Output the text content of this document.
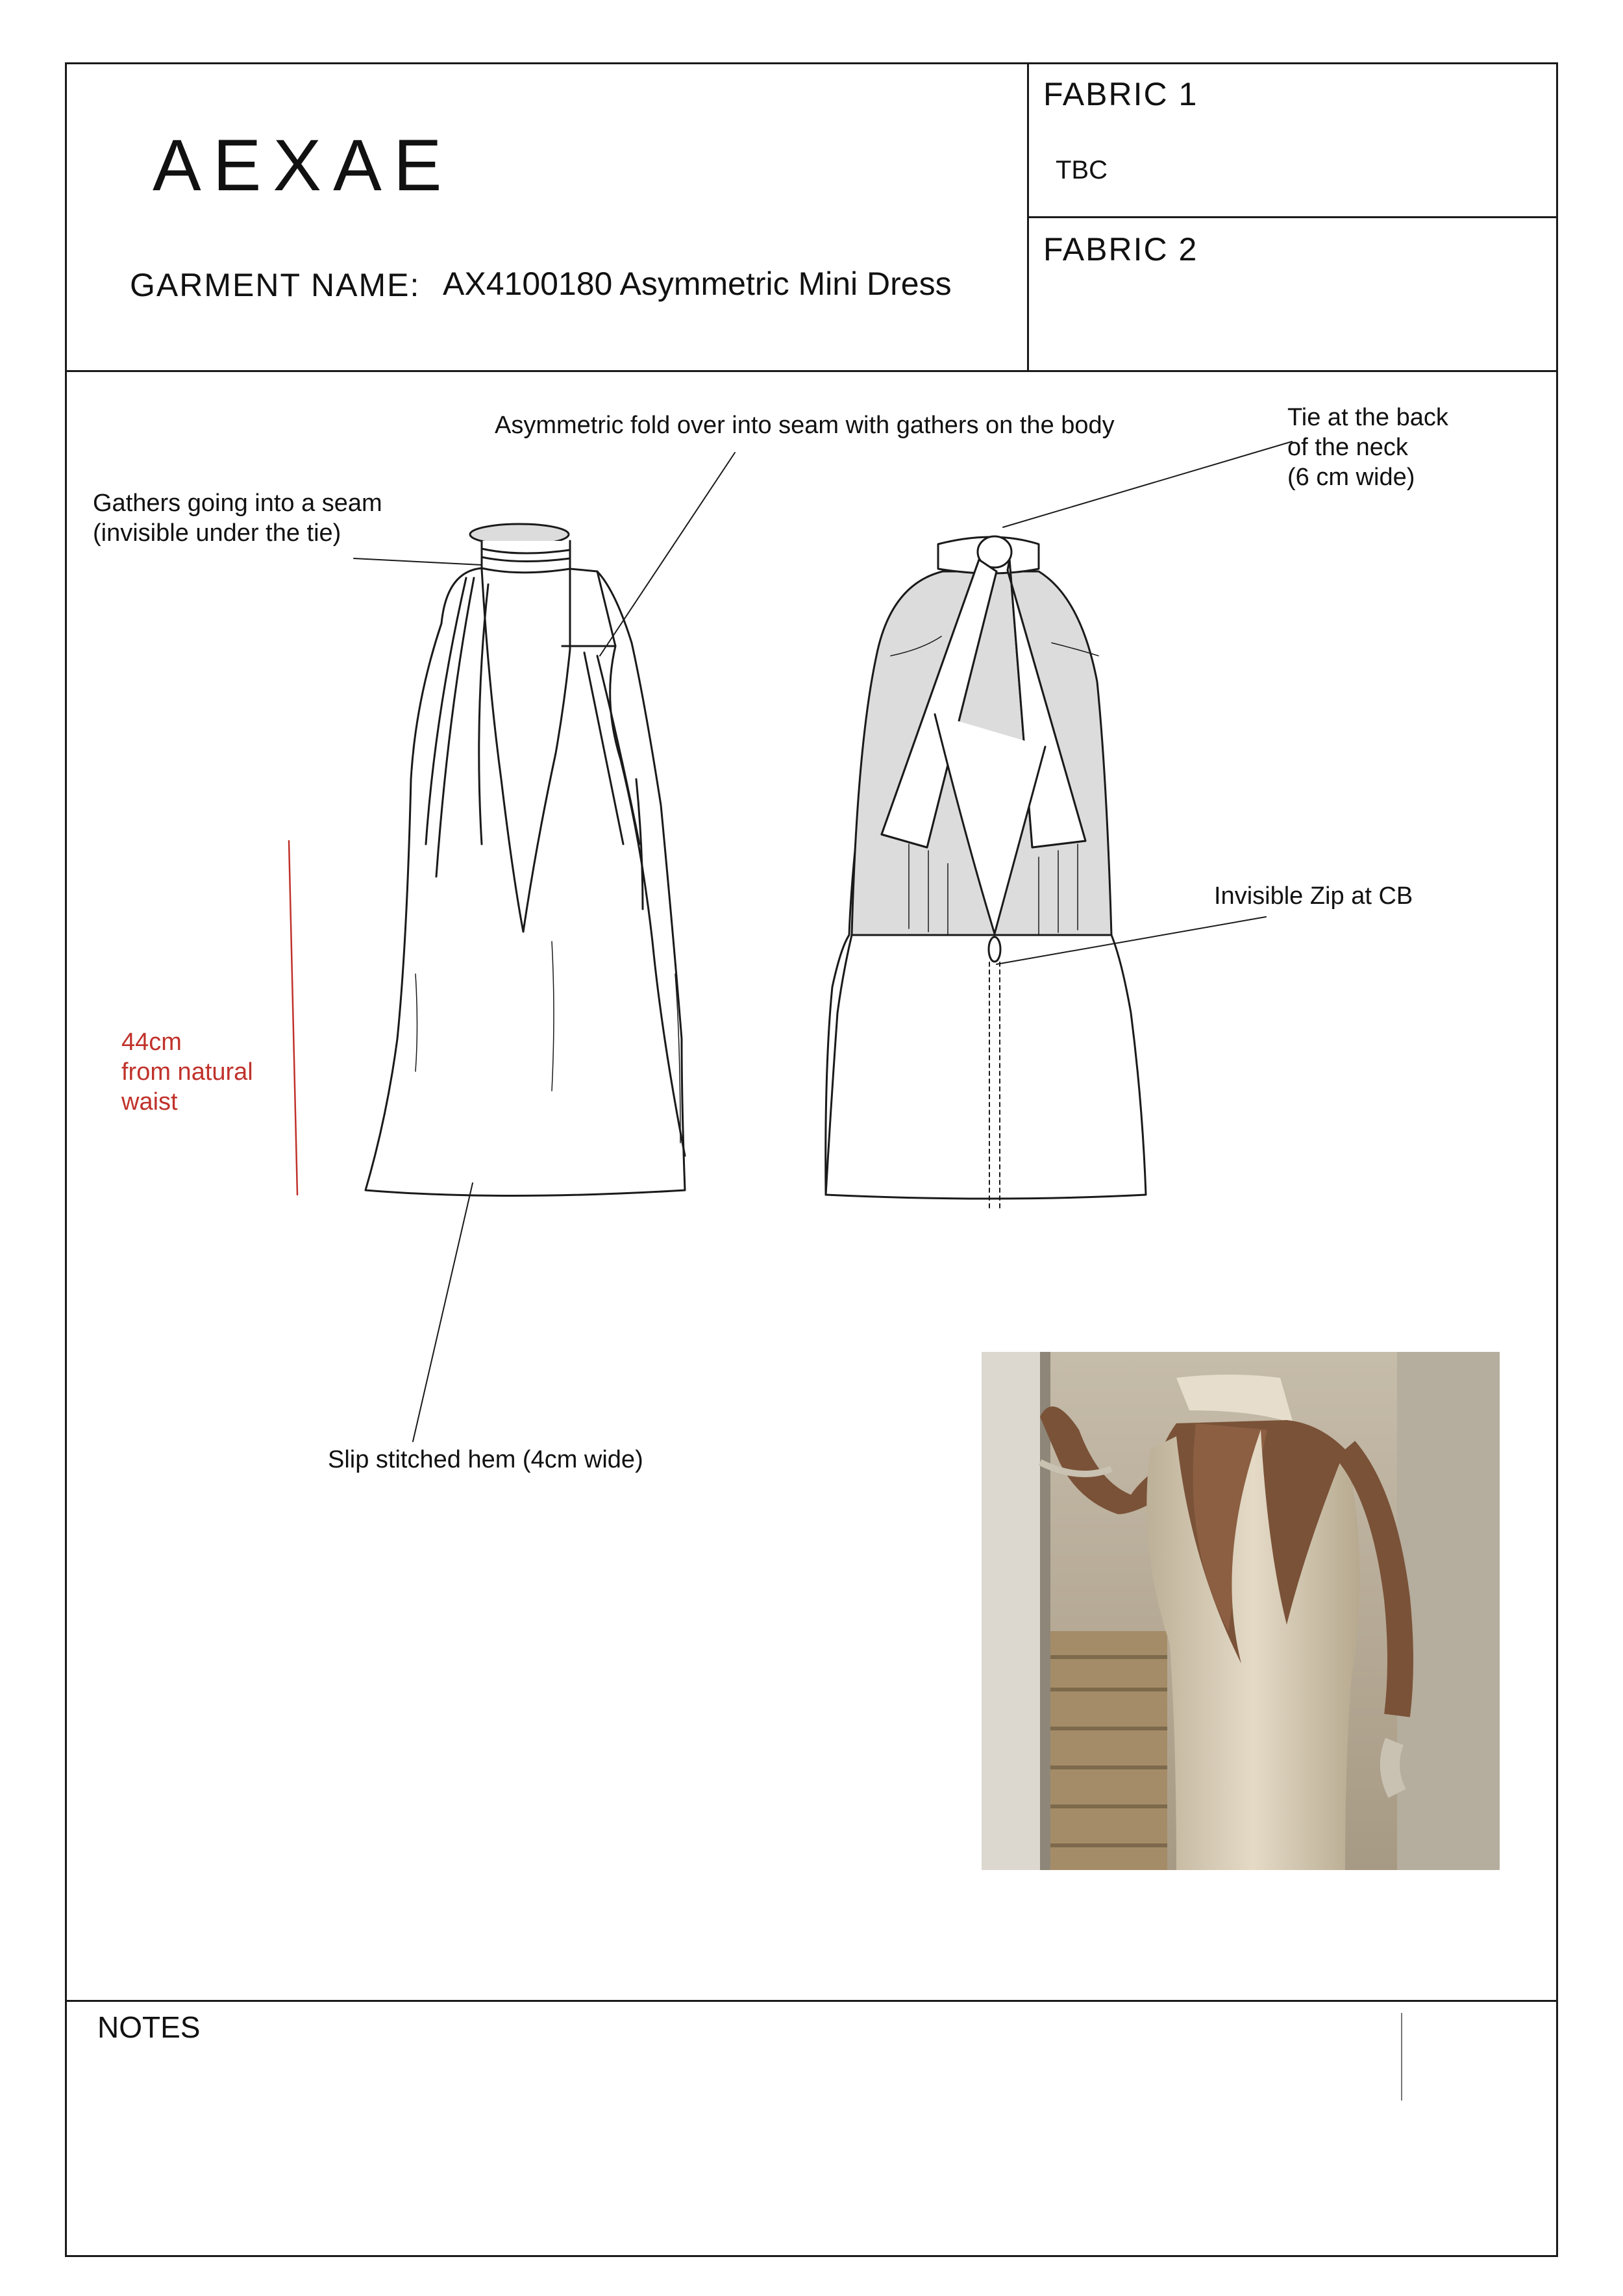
AEXAE
GARMENT NAME: AX4100180 Asymmetric Mini Dress
FABRIC 1
TBC
FABRIC 2
Gathers going into a seam
(invisible under the tie)
Asymmetric fold over into seam with gathers on the body	Tie at the back
of the neck
(6 cm wide)
Invisible Zip at CB
44cm
from natural
waist
Slip stitched hem (4cm wide)
NOTES
